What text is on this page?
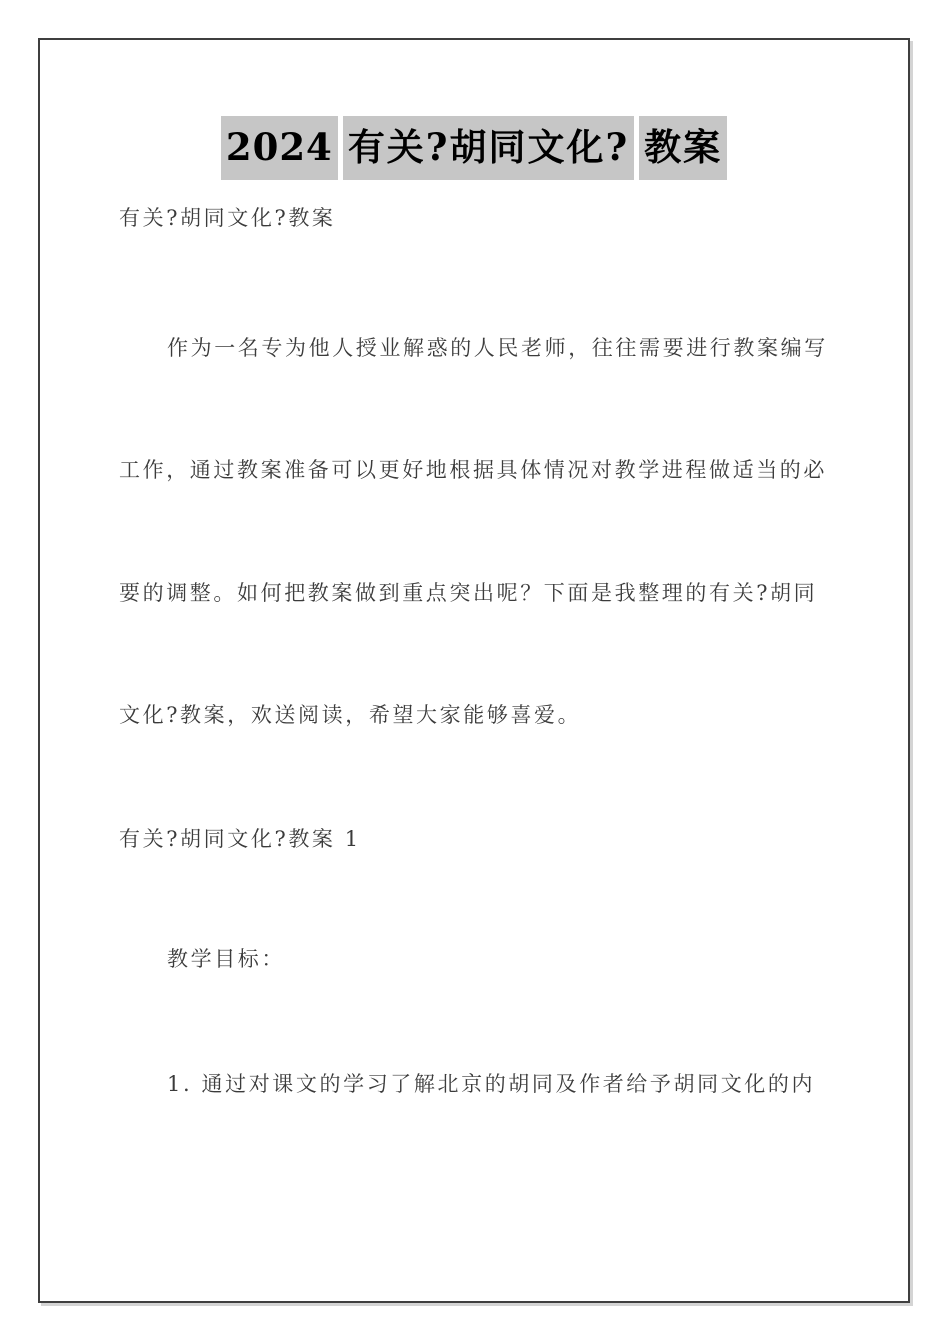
2024 有关?胡同文化? 教案
有关?胡同文化?教案
作为一名专为他人授业解惑的人民老师，往往需要进行教案编写
工作，通过教案准备可以更好地根据具体情况对教学进程做适当的必
要的调整。如何把教案做到重点突出呢？下面是我整理的有关?胡同
文化?教案，欢送阅读，希望大家能够喜爱。
有关?胡同文化?教案 1
教学目标：
1. 通过对课文的学习了解北京的胡同及作者给予胡同文化的内
